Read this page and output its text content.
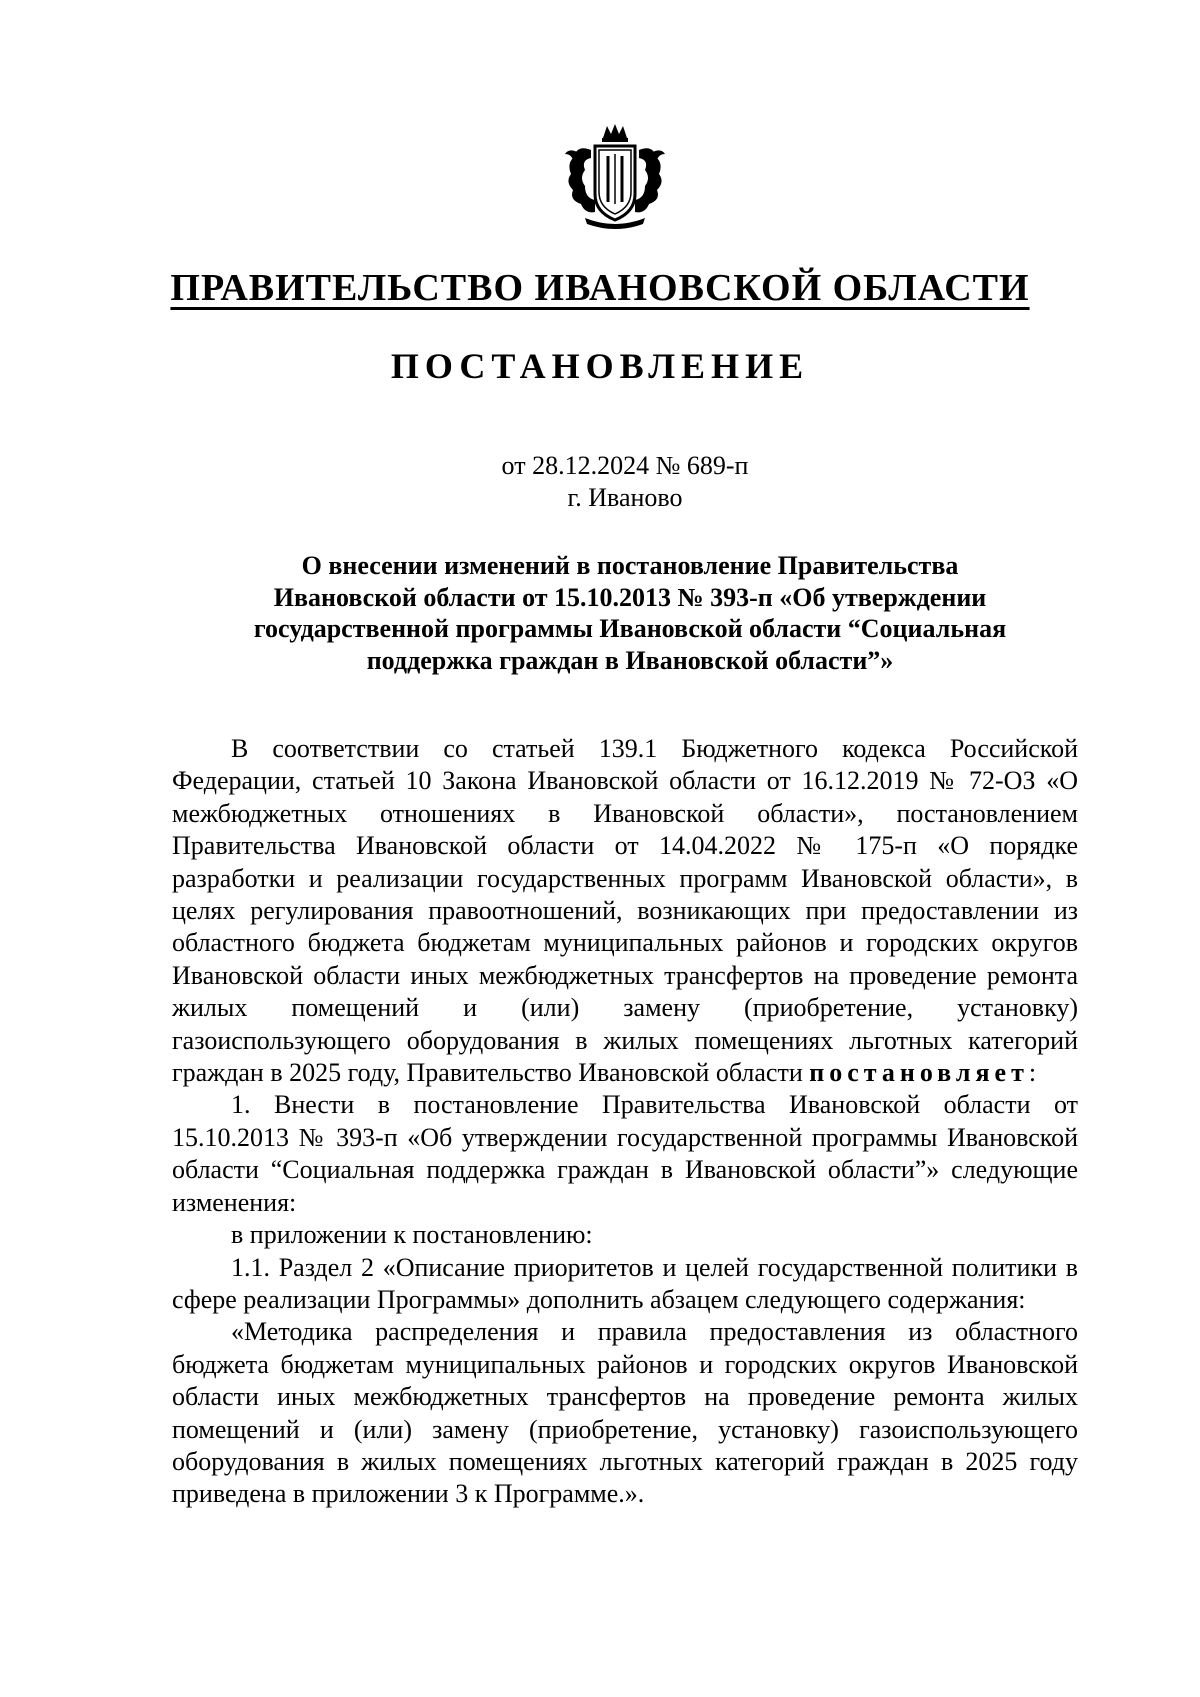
ПРАВИТЕЛЬСТВО ИВАНОВСКОЙ ОБЛАСТИ
ПОСТАНОВЛЕНИЕ
от 28.12.2024 № 689-п
г. Иваново
О внесении изменений в постановление Правительства
Ивановской области от 15.10.2013 № 393-п «Об утверждении
государственной программы Ивановской области “Социальная
поддержка граждан в Ивановской области”»

В соответствии со статьей 139.1 Бюджетного кодекса Российской Федерации, статьей 10 Закона Ивановской области от 16.12.2019 № 72-ОЗ «О межбюджетных отношениях в Ивановской области», постановлением Правительства Ивановской области от 14.04.2022 № 175-п «О порядке разработки и реализации государственных программ Ивановской области», в целях регулирования правоотношений, возникающих при предоставлении из областного бюджета бюджетам муниципальных районов и городских округов Ивановской области иных межбюджетных трансфертов на проведение ремонта жилых помещений и (или) замену (приобретение, установку) газоиспользующего оборудования в жилых помещениях льготных категорий граждан в 2025 году, Правительство Ивановской области постановляет:

1. Внести в постановление Правительства Ивановской области от 15.10.2013 № 393-п «Об утверждении государственной программы Ивановской области “Социальная поддержка граждан в Ивановской области”» следующие изменения:

в приложении к постановлению:

1.1. Раздел 2 «Описание приоритетов и целей государственной политики в сфере реализации Программы» дополнить абзацем следующего содержания:

«Методика распределения и правила предоставления из областного бюджета бюджетам муниципальных районов и городских округов Ивановской области иных межбюджетных трансфертов на проведение ремонта жилых помещений и (или) замену (приобретение, установку) газоиспользующего оборудования в жилых помещениях льготных категорий граждан в 2025 году приведена в приложении 3 к Программе.».
